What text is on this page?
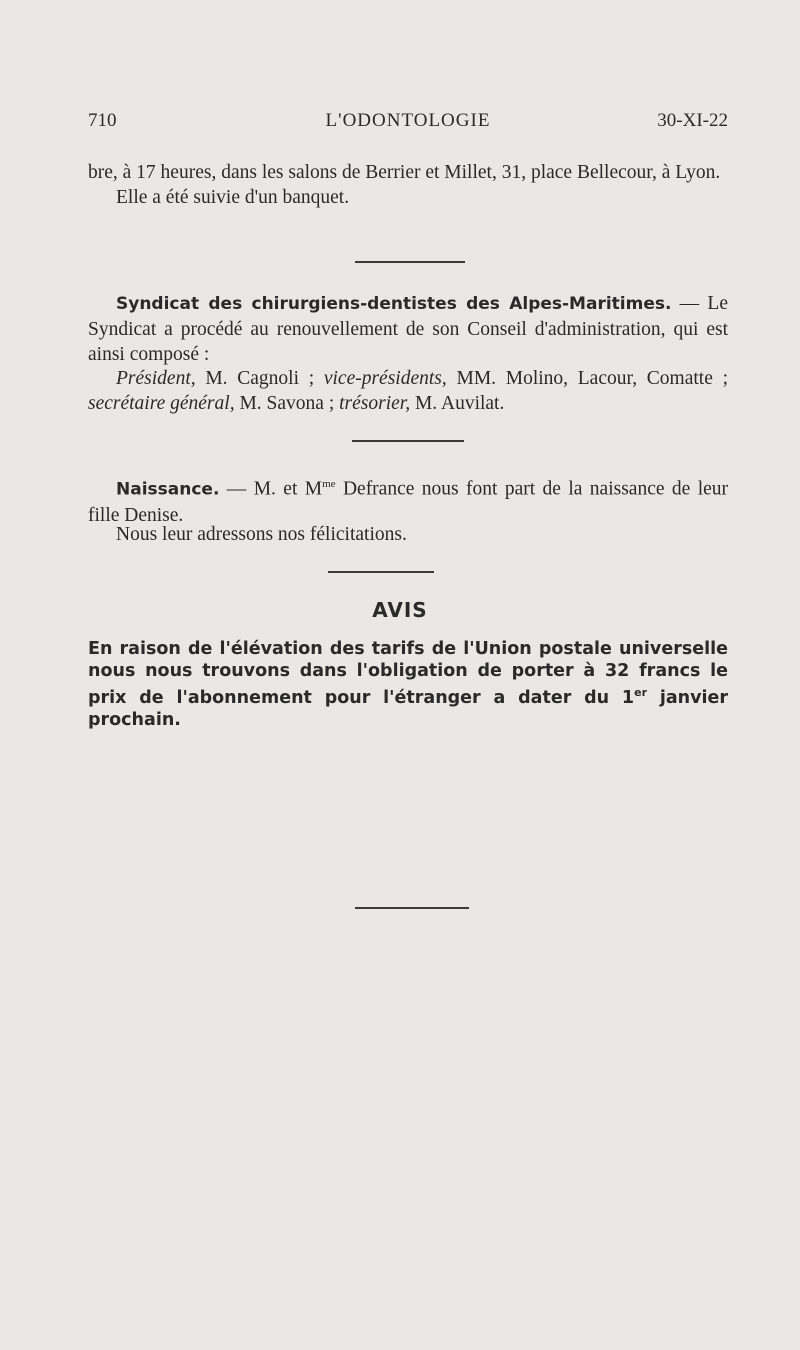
710	L'ODONTOLOGIE	30-XI-22
bre, à 17 heures, dans les salons de Berrier et Millet, 31, place Bellecour, à Lyon.
Elle a été suivie d'un banquet.
Syndicat des chirurgiens-dentistes des Alpes-Maritimes. — Le Syndicat a procédé au renouvellement de son Conseil d'administration, qui est ainsi composé :
Président, M. Cagnoli ; vice-présidents, MM. Molino, Lacour, Comatte ; secrétaire général, M. Savona ; trésorier, M. Auvilat.
Naissance. — M. et $M^{me}$ Defrance nous font part de la naissance de leur fille Denise.
Nous leur adressons nos félicitations.
AVIS
En raison de l'élévation des tarifs de l'Union postale universelle nous nous trouvons dans l'obligation de porter à 32 francs le prix de l'abonnement pour l'étranger a dater du 1er janvier prochain.
